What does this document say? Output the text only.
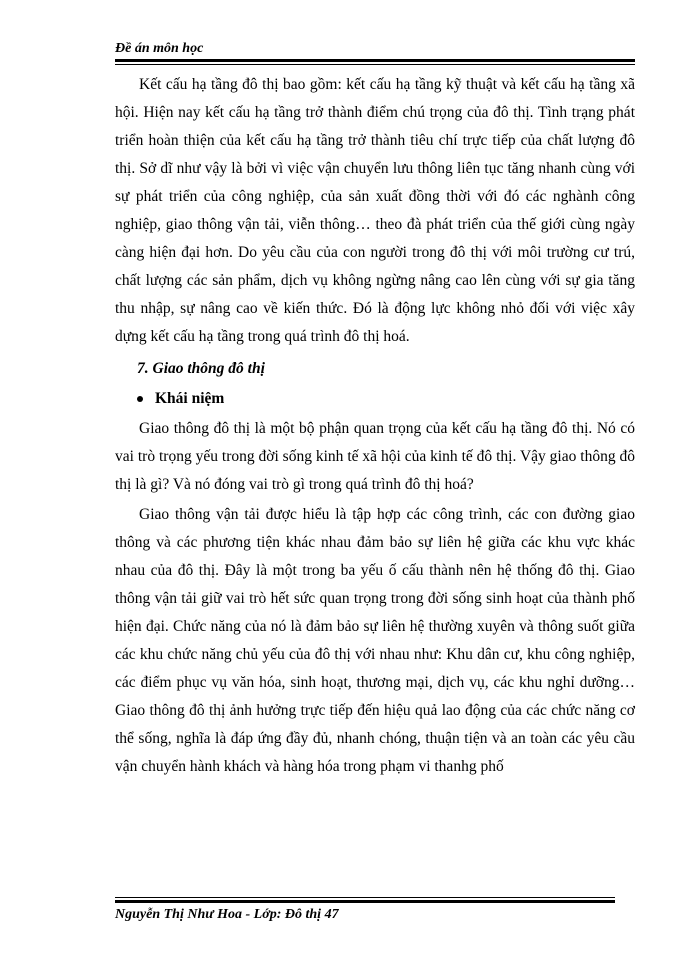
Đề án môn học

Kết cấu hạ tầng đô thị bao gồm: kết cấu hạ tầng kỹ thuật và kết cấu hạ tầng xã hội. Hiện nay kết cấu hạ tầng trở thành điểm chú trọng của đô thị. Tình trạng phát triển hoàn thiện của kết cấu hạ tầng trở thành tiêu chí trực tiếp của chất lượng đô thị. Sở dĩ như vậy là bởi vì việc vận chuyển lưu thông liên tục tăng nhanh cùng với sự phát triển của công nghiệp, của sản xuất đồng thời với đó các nghành công nghiệp, giao thông vận tải, viễn thông… theo đà phát triển của thế giới cùng ngày càng hiện đại hơn. Do yêu cầu của con người trong đô thị với môi trường cư trú, chất lượng các sản phẩm, dịch vụ không ngừng nâng cao lên cùng với sự gia tăng thu nhập, sự nâng cao về kiến thức. Đó là động lực không nhỏ đối với việc xây dựng kết cấu hạ tầng trong quá trình đô thị hoá.

7. Giao thông đô thị
Khái niệm

Giao thông đô thị là một bộ phận quan trọng của kết cấu hạ tầng đô thị. Nó có vai trò trọng yếu trong đời sống kinh tế xã hội của kinh tế đô thị. Vậy giao thông đô thị là gì? Và nó đóng vai trò gì trong quá trình đô thị hoá?

Giao thông vận tải được hiểu là tập hợp các công trình, các con đường giao thông và các phương tiện khác nhau đảm bảo sự liên hệ giữa các khu vực khác nhau của đô thị. Đây là một trong ba yếu ố cấu thành nên hệ thống đô thị. Giao thông vận tải giữ vai trò hết sức quan trọng trong đời sống sinh hoạt của thành phố hiện đại. Chức năng của nó là đảm bảo sự liên hệ thường xuyên và thông suốt giữa các khu chức năng chủ yếu của đô thị với nhau như: Khu dân cư, khu công nghiệp, các điểm phục vụ văn hóa, sinh hoạt, thương mại, dịch vụ, các khu nghỉ dưỡng… Giao thông đô thị ảnh hưởng trực tiếp đến hiệu quả lao động của các chức năng cơ thể sống, nghĩa là đáp ứng đầy đủ, nhanh chóng, thuận tiện và an toàn các yêu cầu vận chuyển hành khách và hàng hóa trong phạm vi thanhg phố

Nguyễn Thị Như Hoa - Lớp: Đô thị 47
